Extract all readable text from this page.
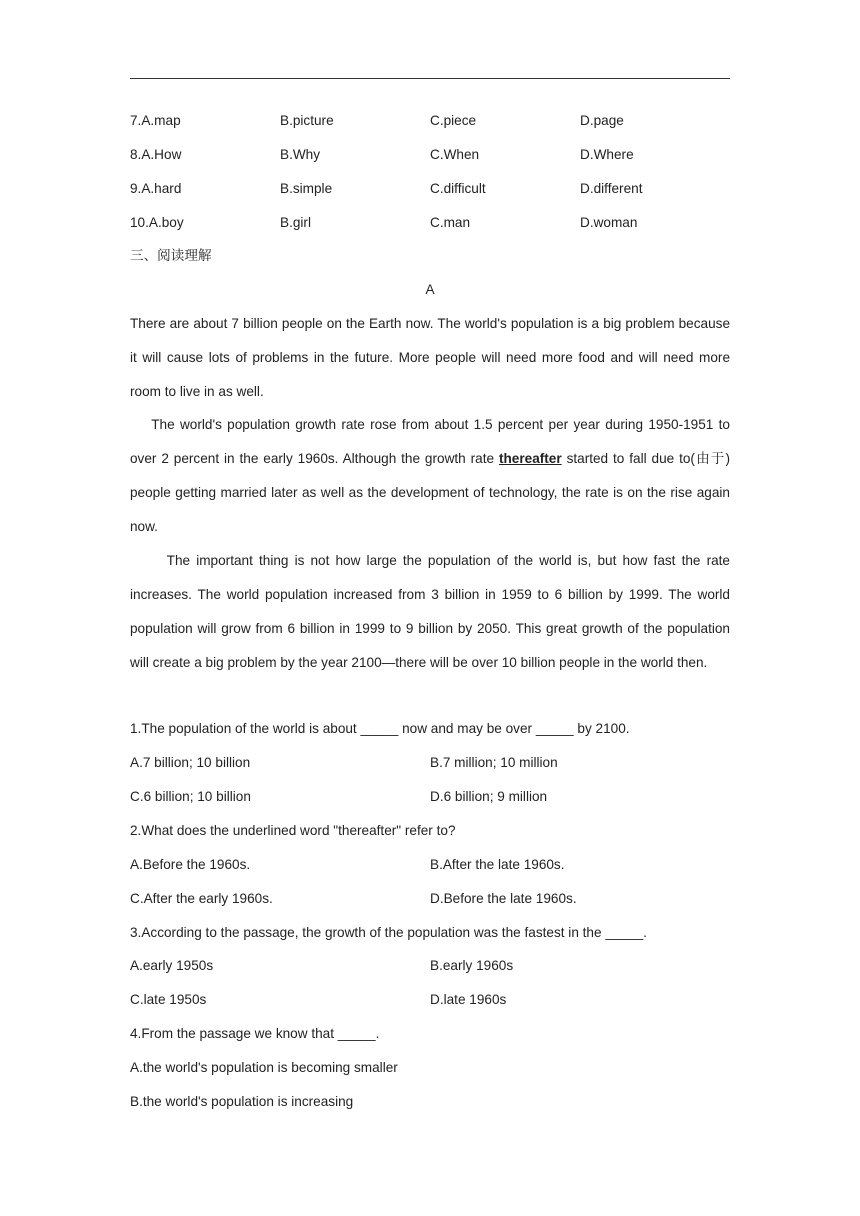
7.A.map	B.picture	C.piece	D.page
8.A.How	B.Why	C.When	D.Where
9.A.hard	B.simple	C.difficult	D.different
10.A.boy	B.girl	C.man	D.woman
三、阅读理解
A
There are about 7 billion people on the Earth now. The world's population is a big problem because it will cause lots of problems in the future. More people will need more food and will need more room to live in as well.
The world's population growth rate rose from about 1.5 percent per year during 1950-1951 to over 2 percent in the early 1960s. Although the growth rate thereafter started to fall due to(由于) people getting married later as well as the development of technology, the rate is on the rise again now.
The important thing is not how large the population of the world is, but how fast the rate increases. The world population increased from 3 billion in 1959 to 6 billion by 1999. The world population will grow from 6 billion in 1999 to 9 billion by 2050. This great growth of the population will create a big problem by the year 2100—there will be over 10 billion people in the world then.
1.The population of the world is about _____ now and may be over _____ by 2100.
A.7 billion; 10 billion	B.7 million; 10 million
C.6 billion; 10 billion	D.6 billion; 9 million
2.What does the underlined word "thereafter" refer to?
A.Before the 1960s.	B.After the late 1960s.
C.After the early 1960s.	D.Before the late 1960s.
3.According to the passage, the growth of the population was the fastest in the _____.
A.early 1950s	B.early 1960s
C.late 1950s	D.late 1960s
4.From the passage we know that _____.
A.the world's population is becoming smaller
B.the world's population is increasing
